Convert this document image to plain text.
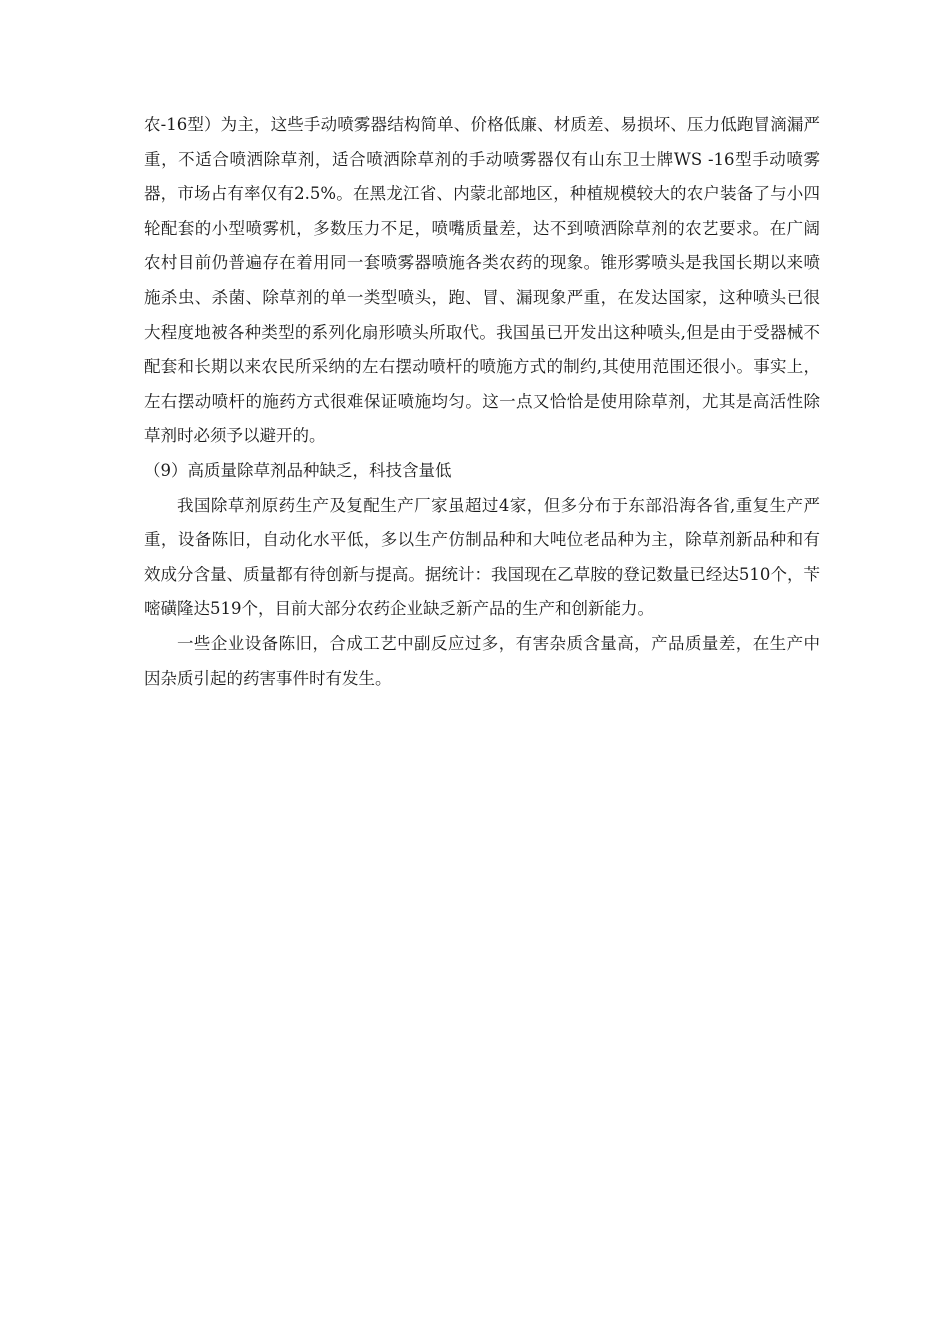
农-16型）为主，这些手动喷雾器结构简单、价格低廉、材质差、易损坏、压力低跑冒滴漏严重，不适合喷洒除草剂，适合喷洒除草剂的手动喷雾器仅有山东卫士牌WS -16型手动喷雾器，市场占有率仅有2.5%。在黑龙江省、内蒙北部地区，种植规模较大的农户装备了与小四轮配套的小型喷雾机，多数压力不足，喷嘴质量差，达不到喷洒除草剂的农艺要求。在广阔农村目前仍普遍存在着用同一套喷雾器喷施各类农药的现象。锥形雾喷头是我国长期以来喷施杀虫、杀菌、除草剂的单一类型喷头，跑、冒、漏现象严重，在发达国家，这种喷头已很大程度地被各种类型的系列化扇形喷头所取代。我国虽已开发出这种喷头,但是由于受器械不配套和长期以来农民所采纳的左右摆动喷杆的喷施方式的制约,其使用范围还很小。事实上，左右摆动喷杆的施药方式很难保证喷施均匀。这一点又恰恰是使用除草剂，尤其是高活性除草剂时必须予以避开的。

（9）高质量除草剂品种缺乏，科技含量低

我国除草剂原药生产及复配生产厂家虽超过4家，但多分布于东部沿海各省,重复生产严重，设备陈旧，自动化水平低，多以生产仿制品种和大吨位老品种为主，除草剂新品种和有效成分含量、质量都有待创新与提高。据统计：我国现在乙草胺的登记数量已经达510个，苄嘧磺隆达519个，目前大部分农药企业缺乏新产品的生产和创新能力。

一些企业设备陈旧，合成工艺中副反应过多，有害杂质含量高，产品质量差，在生产中因杂质引起的药害事件时有发生。
